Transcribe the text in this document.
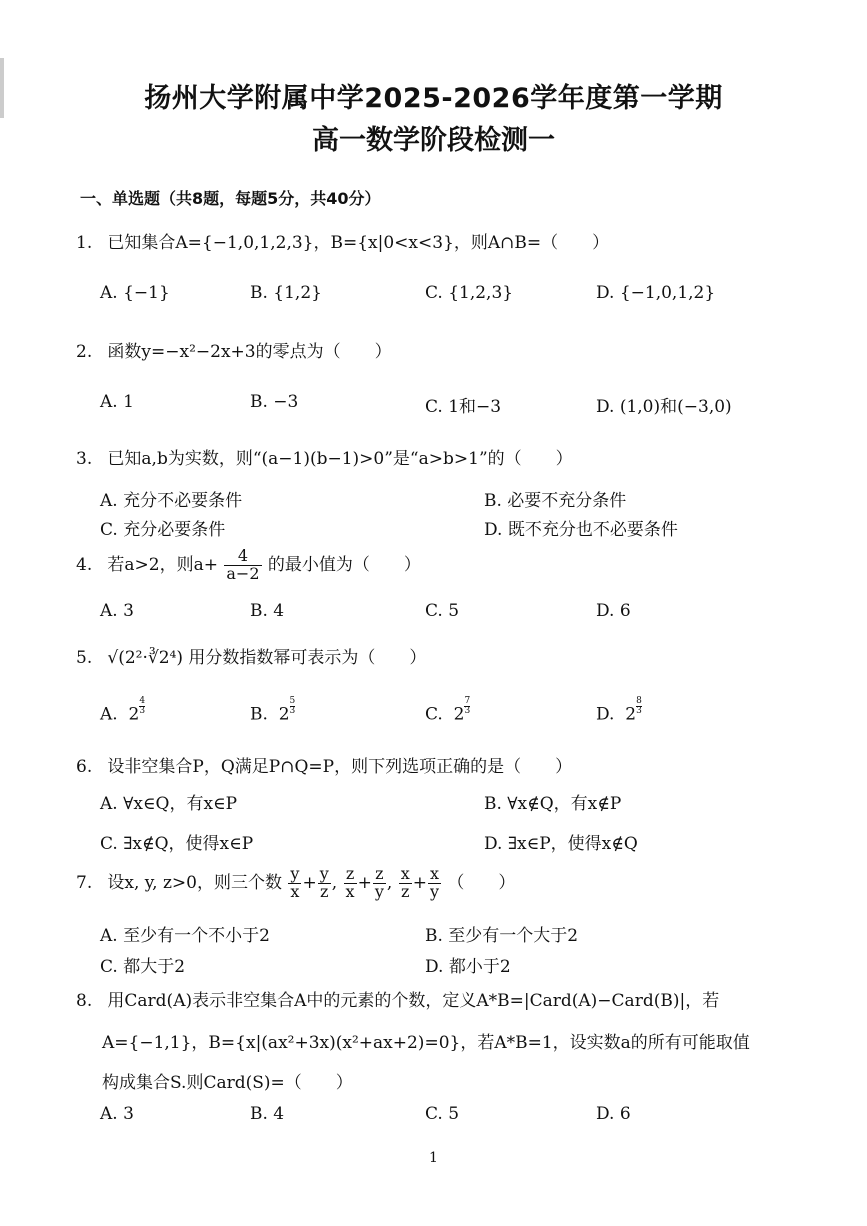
扬州大学附属中学2025-2026学年度第一学期
高一数学阶段检测一
一、单选题（共8题，每题5分，共40分）
1. 已知集合A={−1,0,1,2,3}，B={x|0<x<3}，则A∩B=（　　）
A. {−1}	B. {1,2}	C. {1,2,3}	D. {−1,0,1,2}
2. 函数y=−x²−2x+3的零点为（　　）
A. 1	B. −3	C. 1和−3	D. (1,0)和(−3,0)
3. 已知a,b为实数，则“(a−1)(b−1)>0”是“a>b>1”的（　　）
A. 充分不必要条件	B. 必要不充分条件
C. 充分必要条件	D. 既不充分也不必要条件
4. 若a>2，则$a+ \frac{4}{a-2}$ 的最小值为（　　）
A. 3	B. 4	C. 5	D. 6
5. √(2²·∛2⁴) 用分数指数幂可表示为（　　）
A. $2 \frac{4}{3}$	B. $2 \frac{5}{3}$	C. $2 \frac{7}{3}$	D. $2 \frac{8}{3}$
6. 设非空集合P，Q满足P∩Q=P，则下列选项正确的是（　　）
A. ∀x∈Q，有x∈P	B. ∀x∉Q，有x∉P
C. ∃x∉Q，使得x∈P	D. ∃x∈P，使得x∉Q
7. 设x, y, z>0，则三个数 $\frac{y}{x} + \frac{y}{z}$ , $\frac{z}{x} + \frac{z}{y}$ , $\frac{x}{z} + \frac{x}{y}$ （　　）
A. 至少有一个不小于2	B. 至少有一个大于2
C. 都大于2	D. 都小于2
8. 用Card(A)表示非空集合A中的元素的个数，定义A*B=|Card(A)−Card(B)|，若
A={−1,1}，B={x|(ax²+3x)(x²+ax+2)=0}，若A*B=1，设实数a的所有可能取值
构成集合S.则Card(S)=（　　）
A. 3	B. 4	C. 5	D. 6
1
